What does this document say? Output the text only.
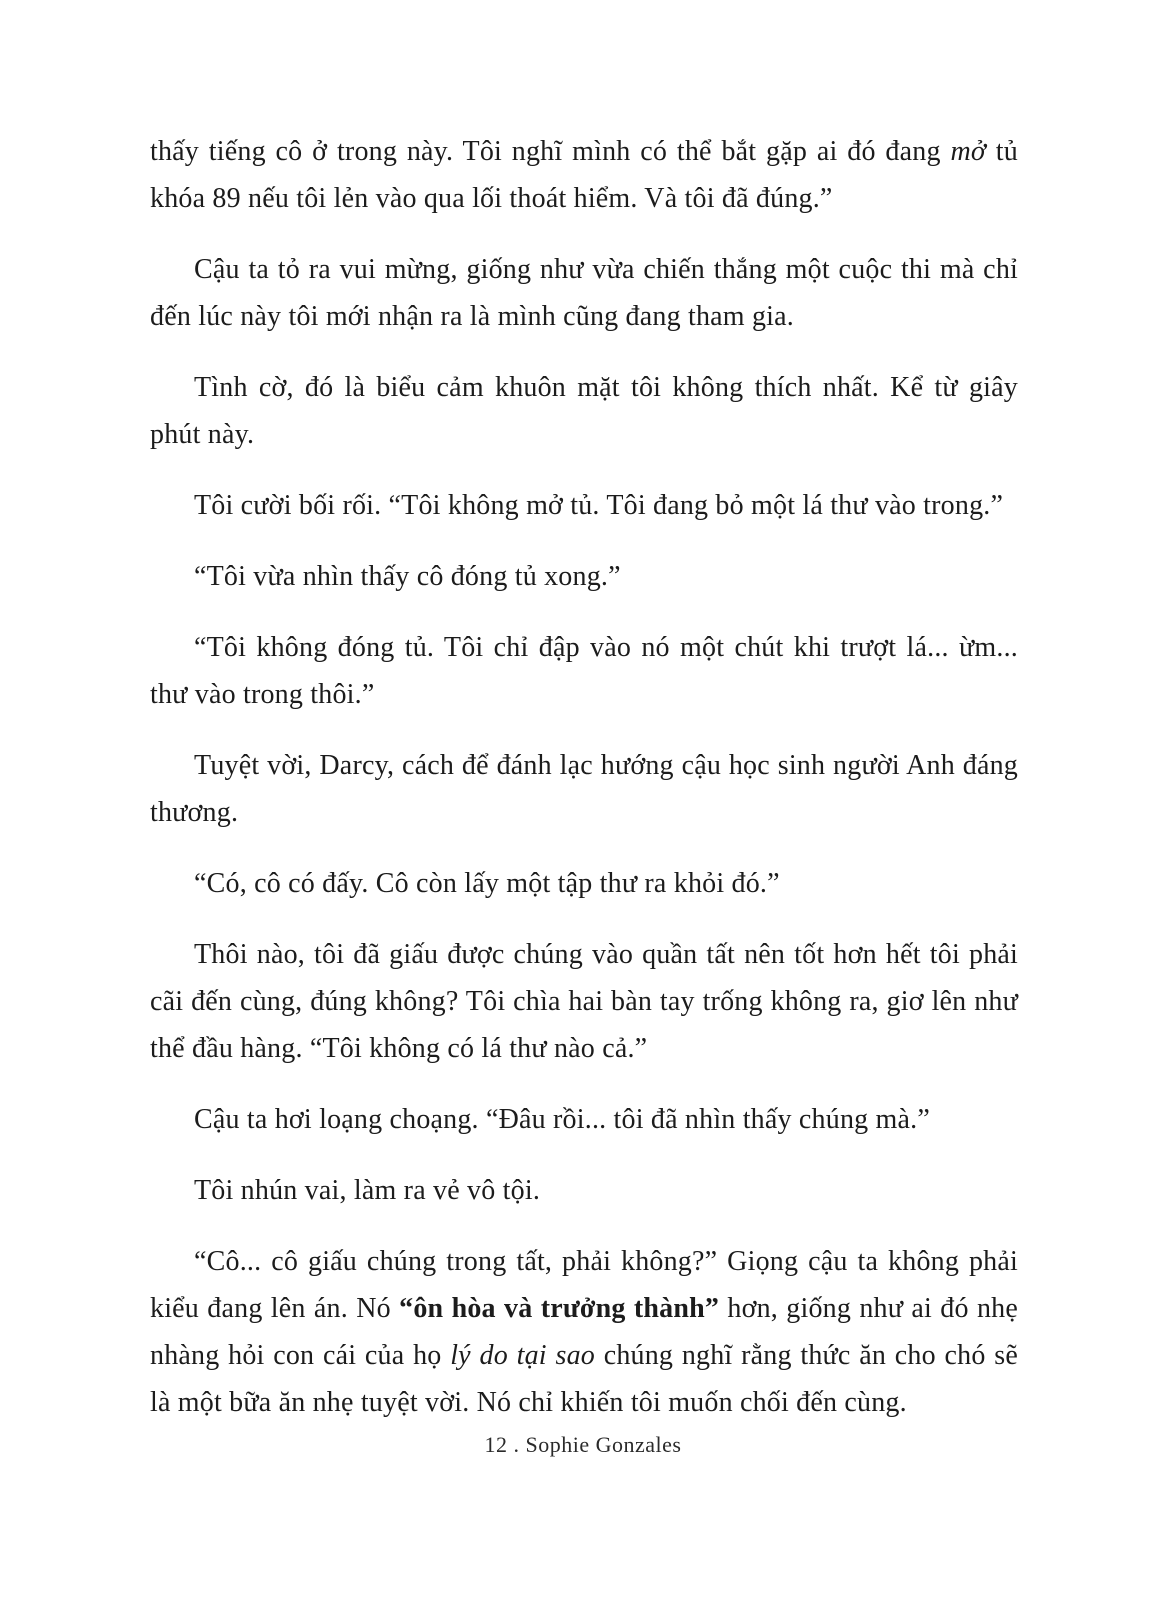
thấy tiếng cô ở trong này. Tôi nghĩ mình có thể bắt gặp ai đó đang mở tủ khóa 89 nếu tôi lẻn vào qua lối thoát hiểm. Và tôi đã đúng.”

Cậu ta tỏ ra vui mừng, giống như vừa chiến thắng một cuộc thi mà chỉ đến lúc này tôi mới nhận ra là mình cũng đang tham gia.

Tình cờ, đó là biểu cảm khuôn mặt tôi không thích nhất. Kể từ giây phút này.

Tôi cười bối rối. “Tôi không mở tủ. Tôi đang bỏ một lá thư vào trong.”

“Tôi vừa nhìn thấy cô đóng tủ xong.”

“Tôi không đóng tủ. Tôi chỉ đập vào nó một chút khi trượt lá... ừm... thư vào trong thôi.”

Tuyệt vời, Darcy, cách để đánh lạc hướng cậu học sinh người Anh đáng thương.

“Có, cô có đấy. Cô còn lấy một tập thư ra khỏi đó.”

Thôi nào, tôi đã giấu được chúng vào quần tất nên tốt hơn hết tôi phải cãi đến cùng, đúng không? Tôi chìa hai bàn tay trống không ra, giơ lên như thể đầu hàng. “Tôi không có lá thư nào cả.”

Cậu ta hơi loạng choạng. “Đâu rồi... tôi đã nhìn thấy chúng mà.”

Tôi nhún vai, làm ra vẻ vô tội.

“Cô... cô giấu chúng trong tất, phải không?” Giọng cậu ta không phải kiểu đang lên án. Nó “ôn hòa và trưởng thành” hơn, giống như ai đó nhẹ nhàng hỏi con cái của họ lý do tại sao chúng nghĩ rằng thức ăn cho chó sẽ là một bữa ăn nhẹ tuyệt vời. Nó chỉ khiến tôi muốn chối đến cùng.

12 . Sophie Gonzales
